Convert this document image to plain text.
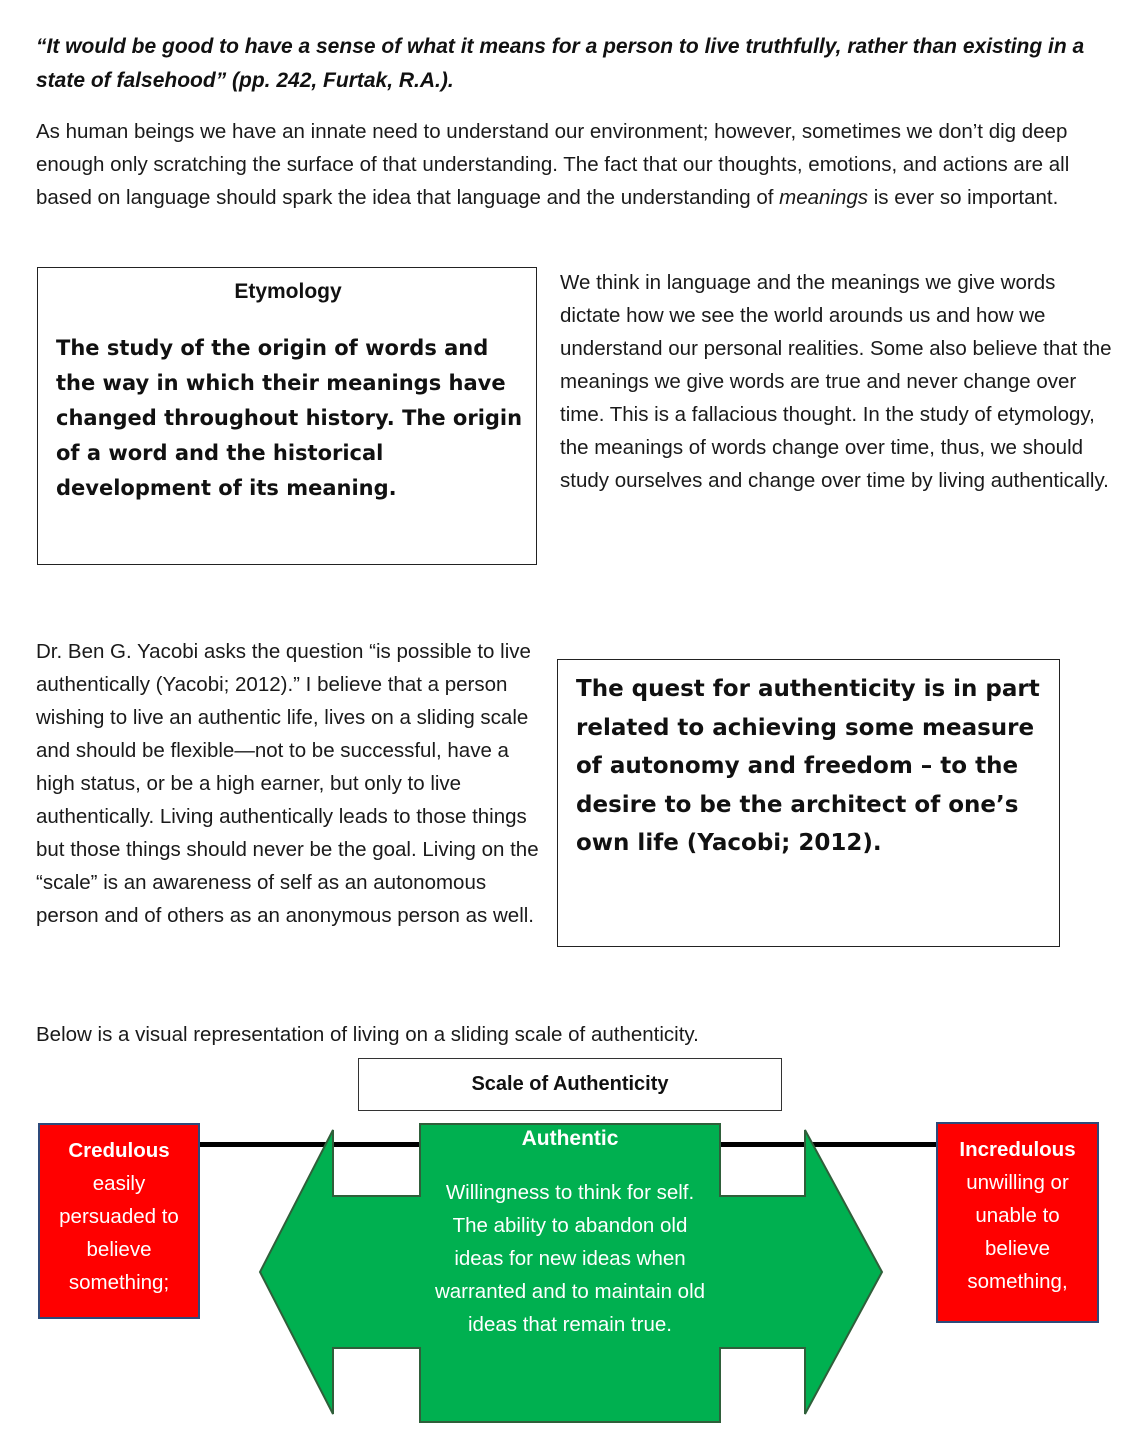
“It would be good to have a sense of what it means for a person to live truthfully, rather than existing in a state of falsehood” (pp. 242, Furtak, R.A.).
As human beings we have an innate need to understand our environment; however, sometimes we don’t dig deep enough only scratching the surface of that understanding. The fact that our thoughts, emotions, and actions are all based on language should spark the idea that language and the understanding of meanings is ever so important.
Etymology
The study of the origin of words and the way in which their meanings have changed throughout history. The origin of a word and the historical development of its meaning.
We think in language and the meanings we give words dictate how we see the world arounds us and how we understand our personal realities. Some also believe that the meanings we give words are true and never change over time. This is a fallacious thought. In the study of etymology, the meanings of words change over time, thus, we should study ourselves and change over time by living authentically.
Dr. Ben G. Yacobi asks the question “is possible to live authentically (Yacobi; 2012).” I believe that a person wishing to live an authentic life, lives on a sliding scale and should be flexible—not to be successful, have a high status, or be a high earner, but only to live authentically. Living authentically leads to those things but those things should never be the goal. Living on the “scale” is an awareness of self as an autonomous person and of others as an anonymous person as well.
The quest for authenticity is in part related to achieving some measure of autonomy and freedom – to the desire to be the architect of one’s own life (Yacobi; 2012).
Below is a visual representation of living on a sliding scale of authenticity.
Scale of Authenticity
Credulous
easily persuaded to believe something;
Authentic
Willingness to think for self. The ability to abandon old ideas for new ideas when warranted and to maintain old ideas that remain true.
Incredulous
unwilling or unable to believe something,
